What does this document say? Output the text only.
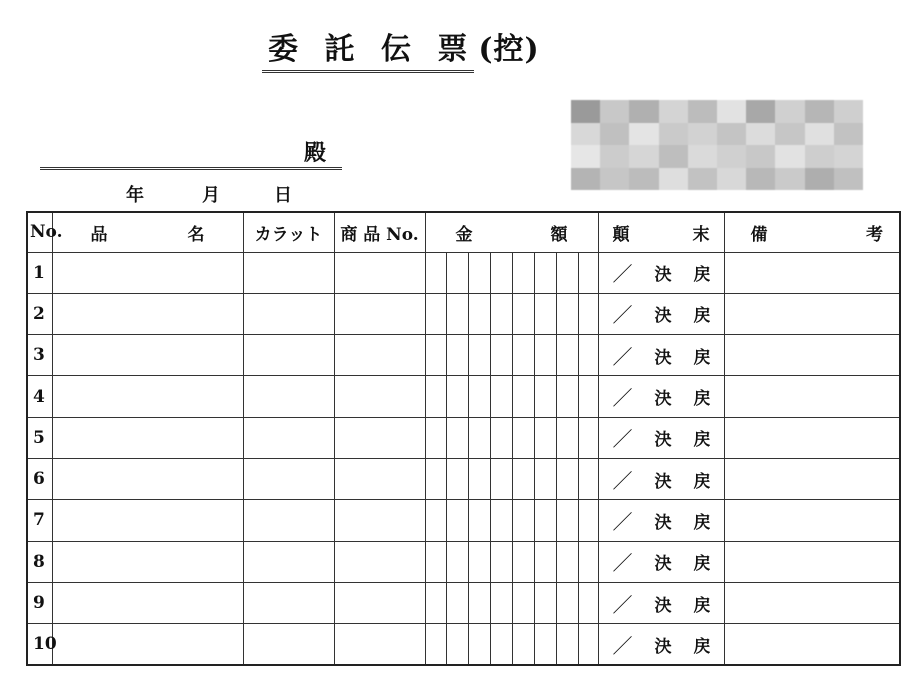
委 託 伝 票 (控)
殿
年	月	日
No.	品 名	カラット	商 品 No.	金 額	顛 末	備 考

1					／ 決 戻	

2					／ 決 戻	

3					／ 決 戻	

4					／ 決 戻	

5					／ 決 戻	

6					／ 決 戻	

7					／ 決 戻	

8					／ 決 戻	

9					／ 決 戻	

10					／ 決 戻	
